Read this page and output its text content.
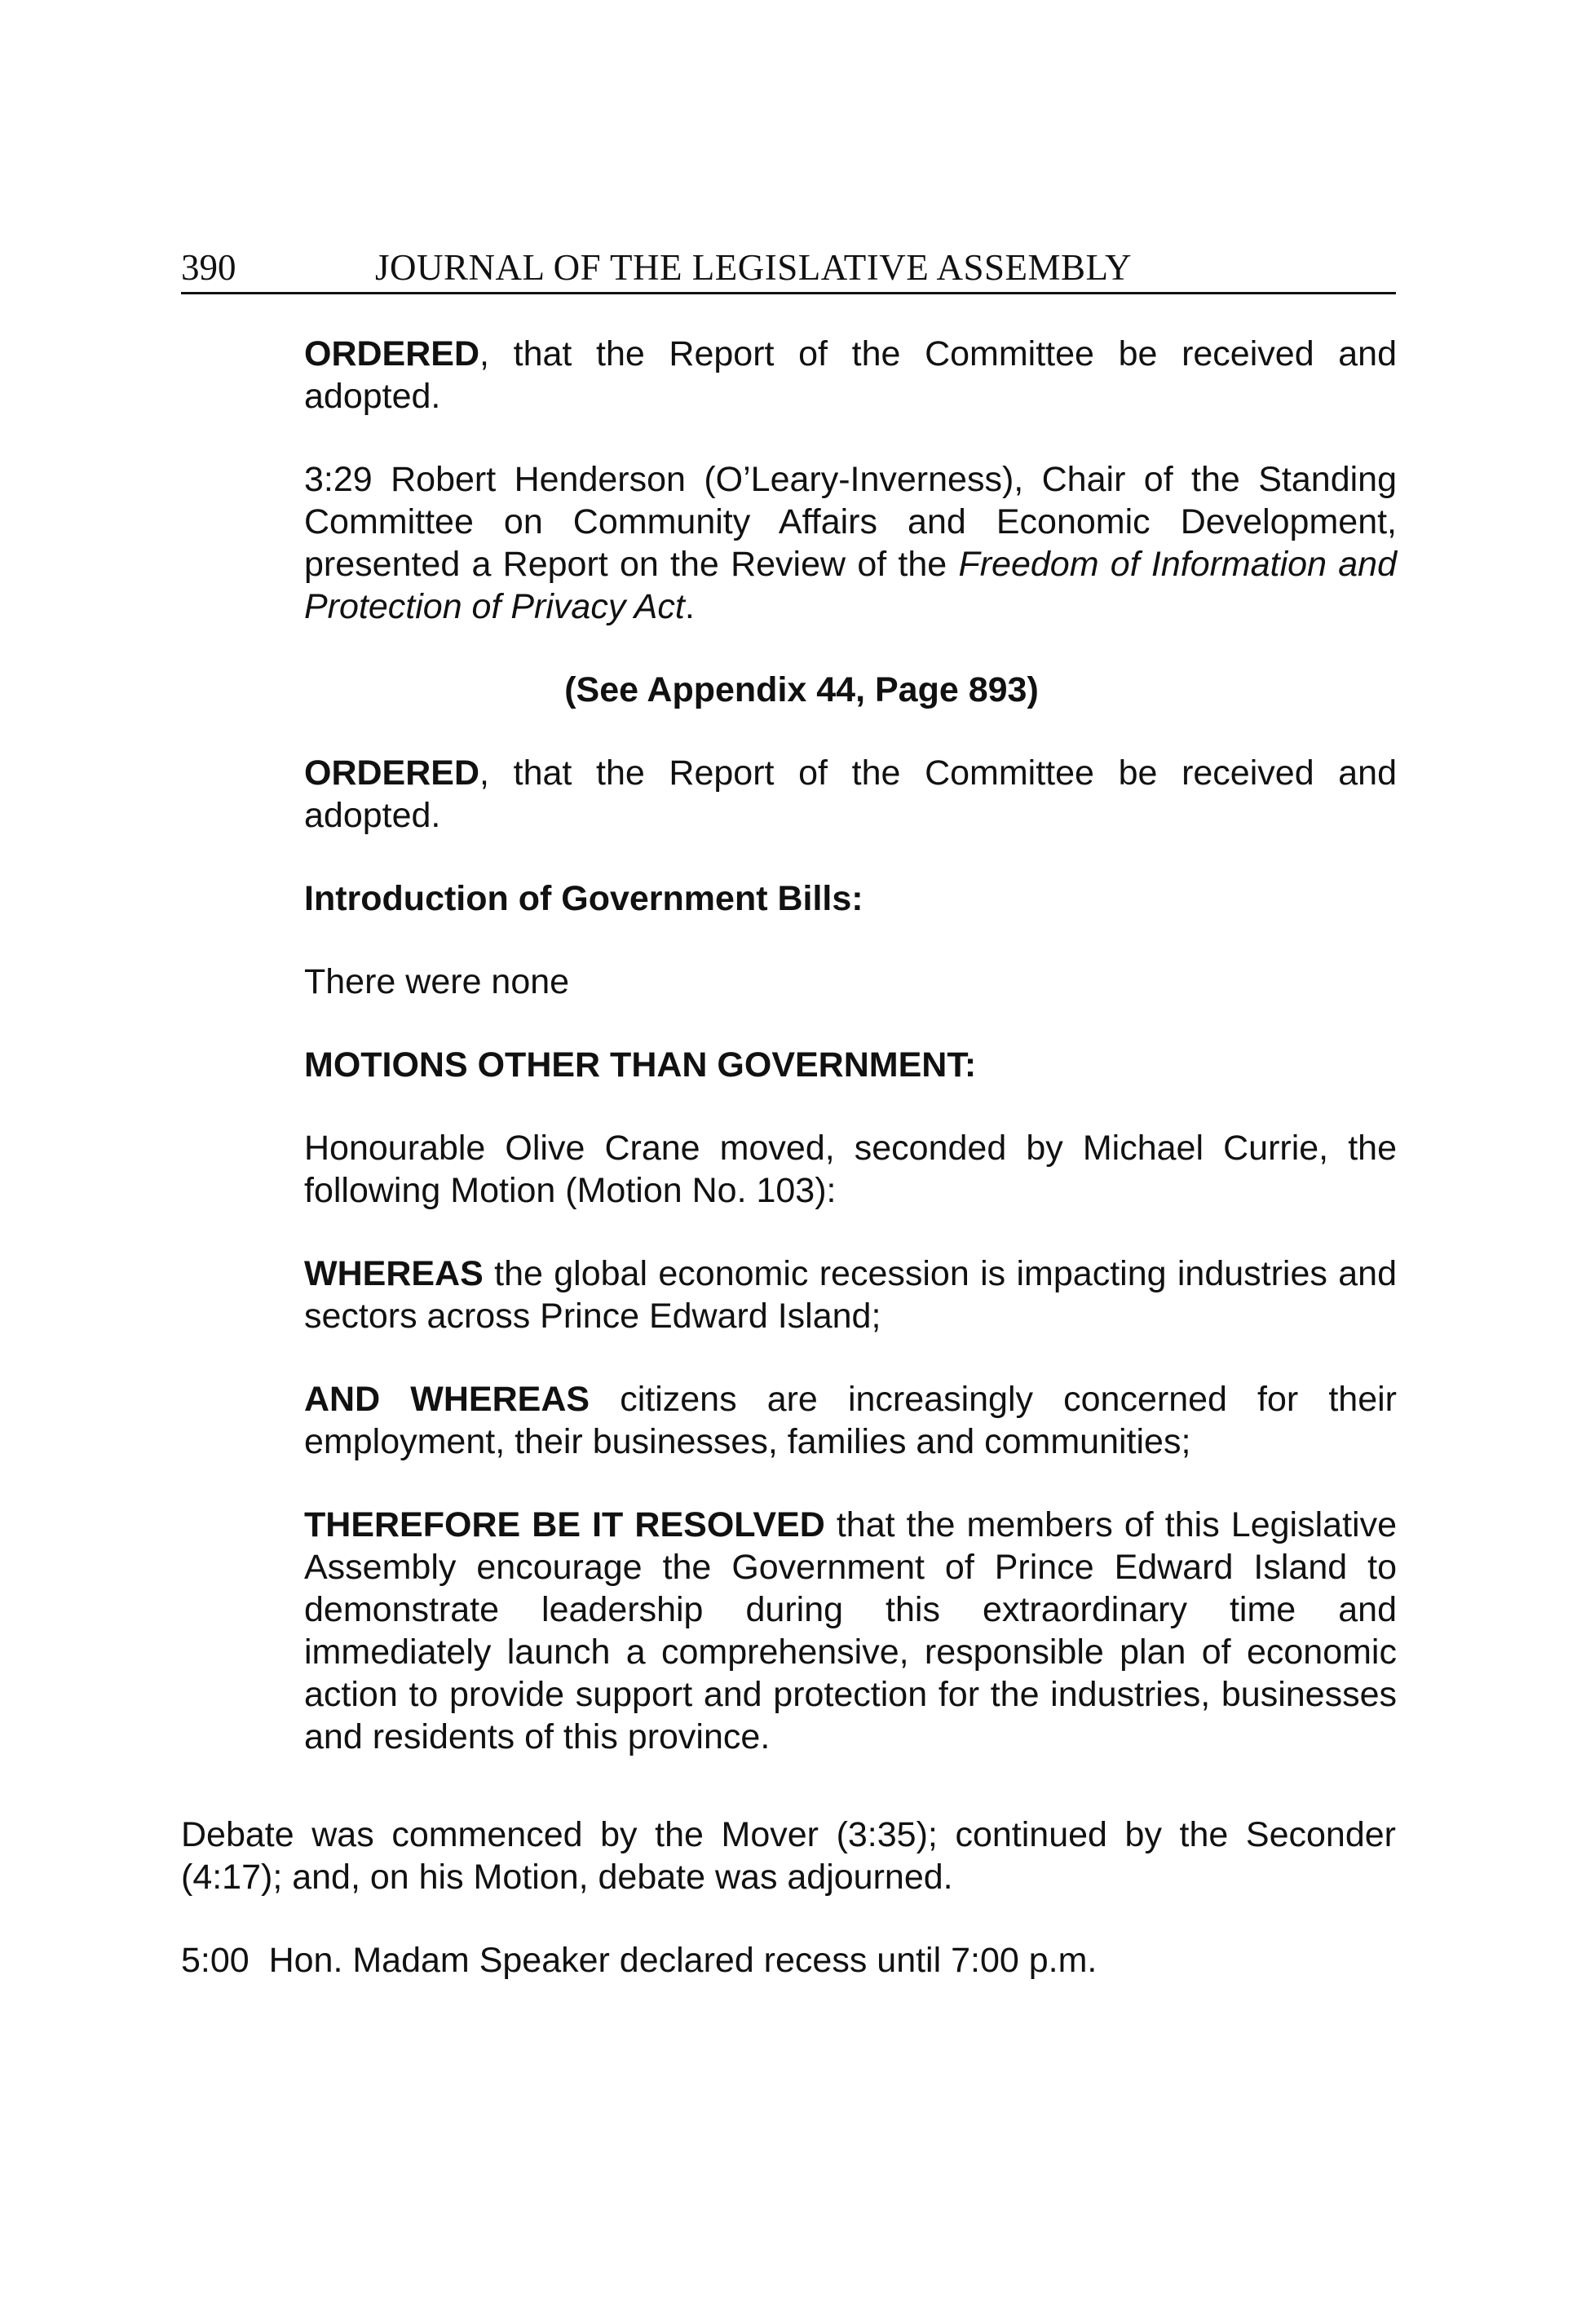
390	JOURNAL OF THE LEGISLATIVE ASSEMBLY

ORDERED, that the Report of the Committee be received and adopted.

3:29 Robert Henderson (O’Leary-Inverness), Chair of the Standing Committee on Community Affairs and Economic Development, presented a Report on the Review of the Freedom of Information and Protection of Privacy Act.

(See Appendix 44, Page 893)

ORDERED, that the Report of the Committee be received and adopted.

Introduction of Government Bills:

There were none

MOTIONS OTHER THAN GOVERNMENT:

Honourable Olive Crane moved, seconded by Michael Currie, the following Motion (Motion No. 103):

WHEREAS the global economic recession is impacting industries and sectors across Prince Edward Island;

AND WHEREAS citizens are increasingly concerned for their employment, their businesses, families and communities;

THEREFORE BE IT RESOLVED that the members of this Legislative Assembly encourage the Government of Prince Edward Island to demonstrate leadership during this extraordinary time and immediately launch a comprehensive, responsible plan of economic action to provide support and protection for the industries, businesses and residents of this province.

Debate was commenced by the Mover (3:35); continued by the Seconder (4:17); and, on his Motion, debate was adjourned.

5:00  Hon. Madam Speaker declared recess until 7:00 p.m.
